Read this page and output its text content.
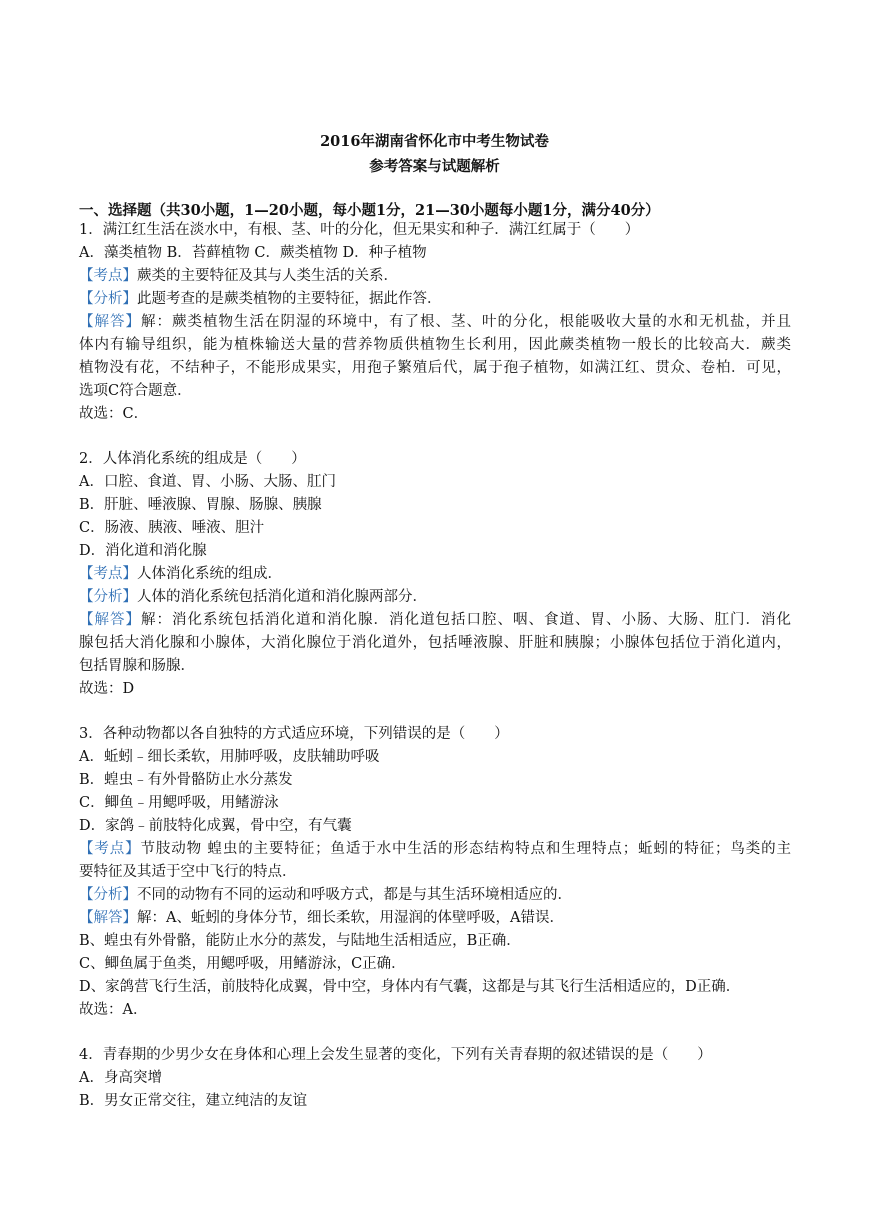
2016年湖南省怀化市中考生物试卷
参考答案与试题解析
一、选择题（共30小题，1—20小题，每小题1分，21—30小题每小题1分，满分40分）
1．满江红生活在淡水中，有根、茎、叶的分化，但无果实和种子．满江红属于（　　）
A．藻类植物 B．苔藓植物 C．蕨类植物 D．种子植物
【考点】蕨类的主要特征及其与人类生活的关系．
【分析】此题考查的是蕨类植物的主要特征，据此作答．
【解答】解：蕨类植物生活在阴湿的环境中，有了根、茎、叶的分化，根能吸收大量的水和无机盐，并且
体内有输导组织，能为植株输送大量的营养物质供植物生长利用，因此蕨类植物一般长的比较高大．蕨类
植物没有花，不结种子，不能形成果实，用孢子繁殖后代，属于孢子植物，如满江红、贯众、卷柏．可见，
选项C符合题意．
故选：C．
2．人体消化系统的组成是（　　）
A．口腔、食道、胃、小肠、大肠、肛门
B．肝脏、唾液腺、胃腺、肠腺、胰腺
C．肠液、胰液、唾液、胆汁
D．消化道和消化腺
【考点】人体消化系统的组成．
【分析】人体的消化系统包括消化道和消化腺两部分．
【解答】解：消化系统包括消化道和消化腺．消化道包括口腔、咽、食道、胃、小肠、大肠、肛门．消化
腺包括大消化腺和小腺体，大消化腺位于消化道外，包括唾液腺、肝脏和胰腺；小腺体包括位于消化道内，
包括胃腺和肠腺．
故选：D
3．各种动物都以各自独特的方式适应环境，下列错误的是（　　）
A．蚯蚓﹣细长柔软，用肺呼吸，皮肤辅助呼吸
B．蝗虫﹣有外骨骼防止水分蒸发
C．鲫鱼﹣用鳃呼吸，用鳍游泳
D．家鸽﹣前肢特化成翼，骨中空，有气囊
【考点】节肢动物 蝗虫的主要特征；鱼适于水中生活的形态结构特点和生理特点；蚯蚓的特征；鸟类的主
要特征及其适于空中飞行的特点．
【分析】不同的动物有不同的运动和呼吸方式，都是与其生活环境相适应的．
【解答】解：A、蚯蚓的身体分节，细长柔软，用湿润的体壁呼吸，A错误．
B、蝗虫有外骨骼，能防止水分的蒸发，与陆地生活相适应，B正确．
C、鲫鱼属于鱼类，用鳃呼吸，用鳍游泳，C正确．
D、家鸽营飞行生活，前肢特化成翼，骨中空，身体内有气囊，这都是与其飞行生活相适应的，D正确．
故选：A．
4．青春期的少男少女在身体和心理上会发生显著的变化，下列有关青春期的叙述错误的是（　　）
A．身高突增
B．男女正常交往，建立纯洁的友谊
